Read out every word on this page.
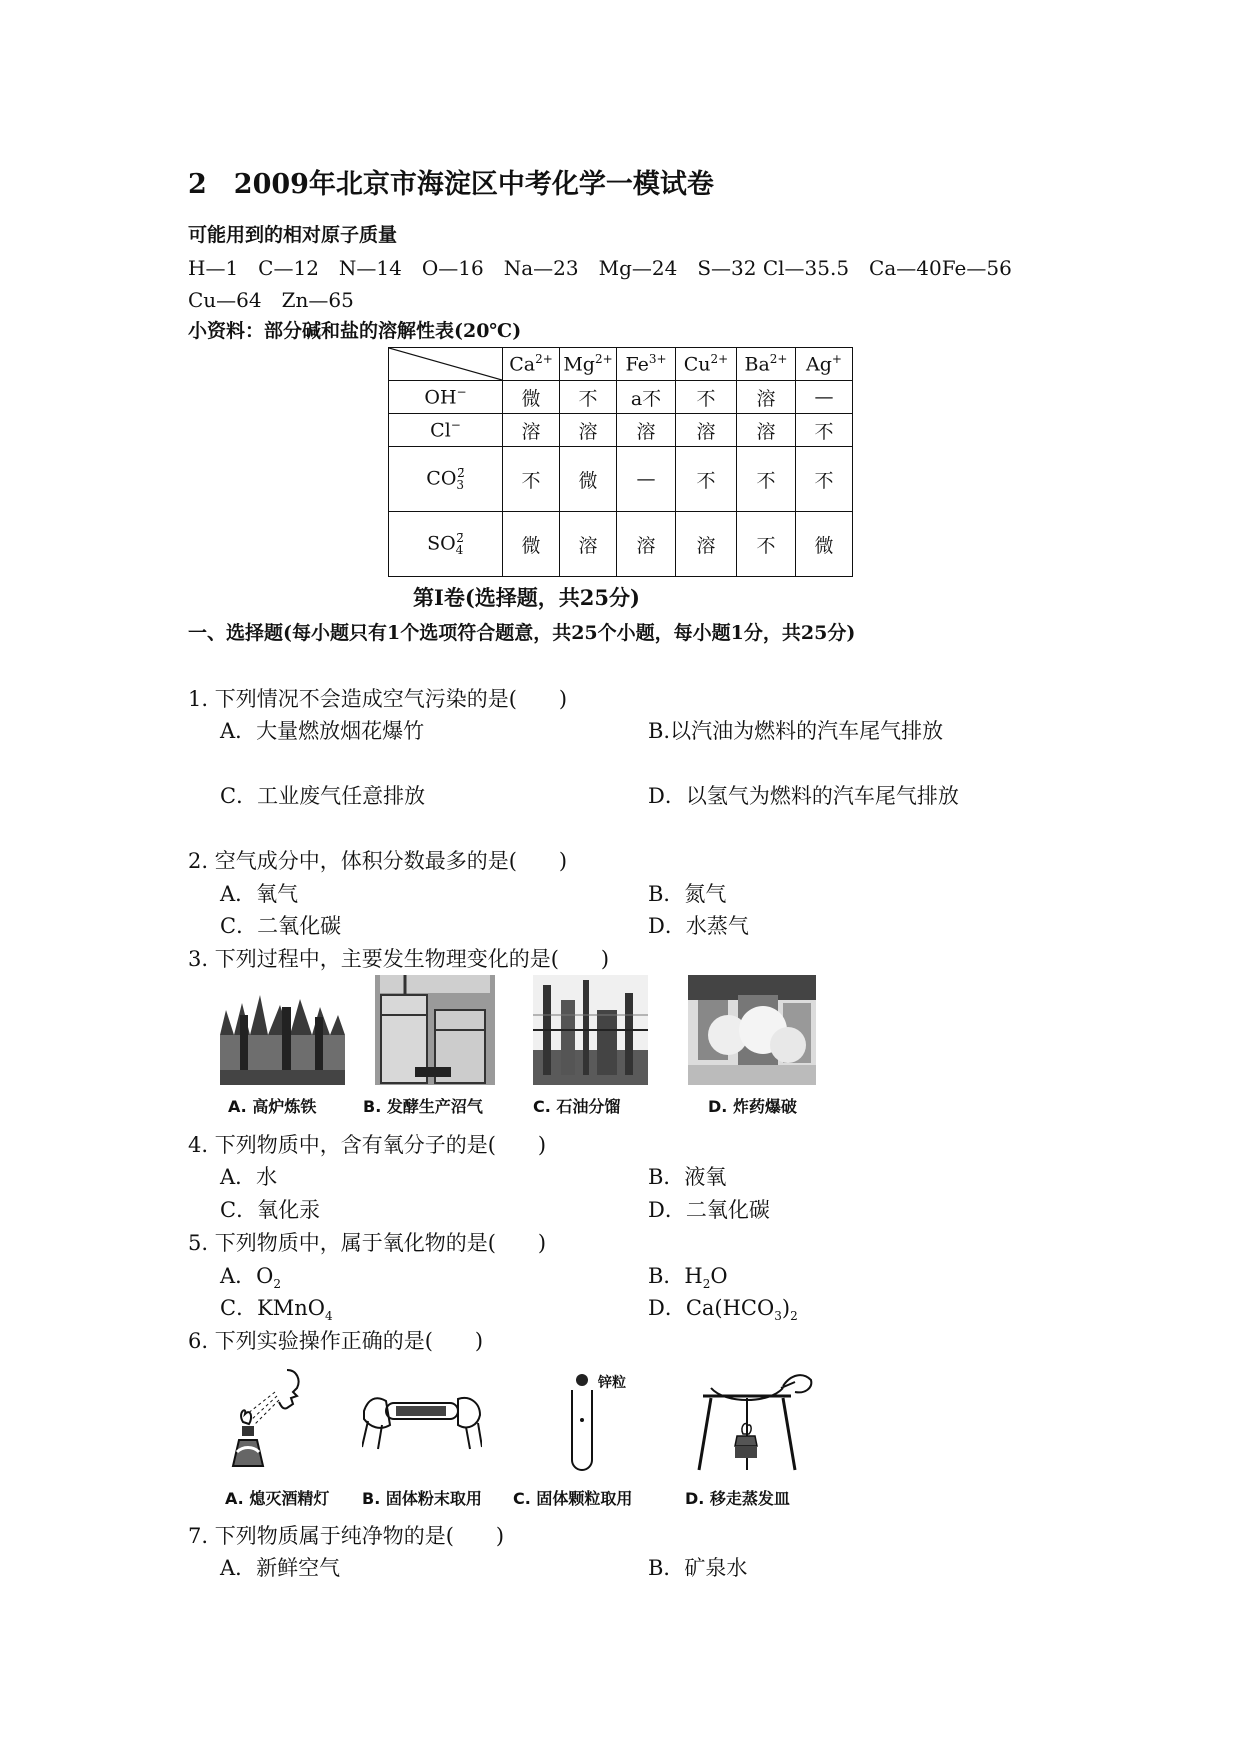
2　2009年北京市海淀区中考化学一模试卷
可能用到的相对原子质量
H—1　C—12　N—14　O—16　Na—23　Mg—24　S—32 Cl—35.5　Ca—40Fe—56
Cu—64　Zn—65
小资料：部分碱和盐的溶解性表(20℃)
	$Ca^{2+}$	$Mg^{2+}$	$Fe^{3+}$	$Cu^{2+}$	$Ba^{2+}$	Ag+
OH−	微	不	a不	不	溶	—
Cl−	溶	溶	溶	溶	溶	不
$CO_3^{2̄}$	不	微	—	不	不	不
$SO_4^{2̄}$	微	溶	溶	溶	不	微
第Ⅰ卷(选择题，共25分)
一、选择题(每小题只有1个选项符合题意，共25个小题，每小题1分，共25分)
1. 下列情况不会造成空气污染的是(　　)
A．大量燃放烟花爆竹	B.以汽油为燃料的汽车尾气排放
C．工业废气任意排放	D．以氢气为燃料的汽车尾气排放
2. 空气成分中，体积分数最多的是(　　)
A．氧气	B．氮气
C．二氧化碳	D．水蒸气
3. 下列过程中，主要发生物理变化的是(　　)
A. 高炉炼铁	B. 发酵生产沼气	C. 石油分馏	D. 炸药爆破
4. 下列物质中，含有氧分子的是(　　)
A．水	B．液氧
C．氧化汞	D．二氧化碳
5. 下列物质中，属于氧化物的是(　　)
A．$O_2$	B．$H_2O$
C．KMnO$_4$	D．$Ca(HCO_3)_2$
6. 下列实验操作正确的是(　　)
锌粒
A. 熄灭酒精灯 B. 固体粉末取用 C. 固体颗粒取用	D. 移走蒸发皿
7. 下列物质属于纯净物的是(　　)
A．新鲜空气	B．矿泉水
